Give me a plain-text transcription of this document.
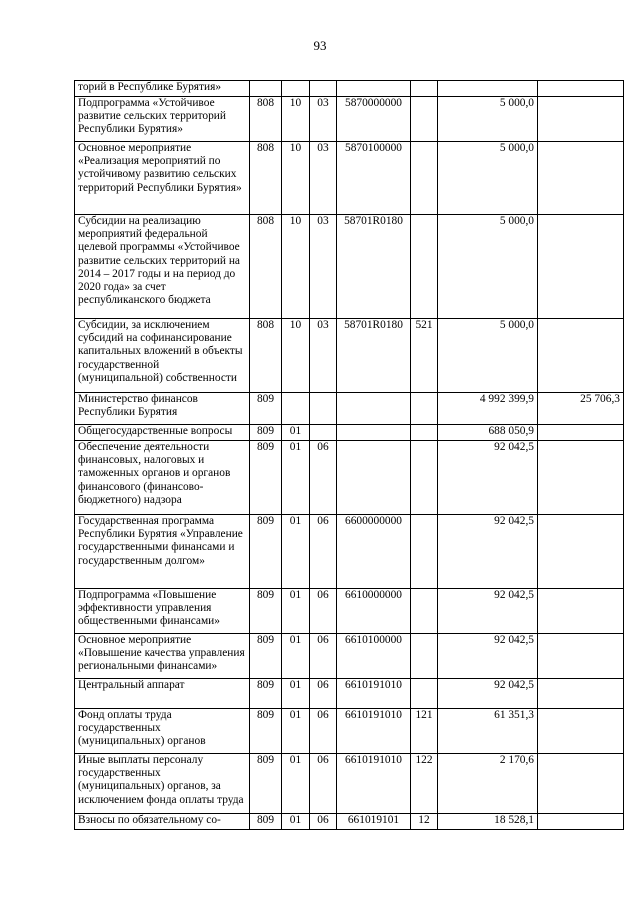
93
торий в Республике Бурятия»							
Подпрограмма «Устойчивое развитие сельских территорий Республики Бурятия»	808	10	03	5870000000		5 000,0	
Основное мероприятие «Реализация мероприятий по устойчивому развитию сельских территорий Республики Бурятия»	808	10	03	5870100000		5 000,0	
Субсидии на реализацию мероприятий федеральной целевой программы «Устойчивое развитие сельских территорий на 2014 – 2017 годы и на период до 2020 года» за счет республиканского бюджета	808	10	03	58701R0180		5 000,0	
Субсидии, за исключением субсидий на софинансирование капитальных вложений в объекты государственной (муниципальной) собственности	808	10	03	58701R0180	521	5 000,0	
Министерство финансов Республики Бурятия	809					4 992 399,9	25 706,3
Общегосударственные вопросы	809	01				688 050,9	
Обеспечение деятельности финансовых, налоговых и таможенных органов и органов финансового (финансово-бюджетного) надзора	809	01	06			92 042,5	
Государственная программа Республики Бурятия «Управление государственными финансами и государственным долгом»	809	01	06	6600000000		92 042,5	
Подпрограмма «Повышение эффективности управления общественными финансами»	809	01	06	6610000000		92 042,5	
Основное мероприятие «Повышение качества управления региональными финансами»	809	01	06	6610100000		92 042,5	
Центральный аппарат	809	01	06	6610191010		92 042,5	
Фонд оплаты труда государственных (муниципальных) органов	809	01	06	6610191010	121	61 351,3	
Иные выплаты персоналу государственных (муниципальных) органов, за исключением фонда оплаты труда	809	01	06	6610191010	122	2 170,6	
Взносы по обязательному со-	809	01	06	661019101	12	18 528,1	
